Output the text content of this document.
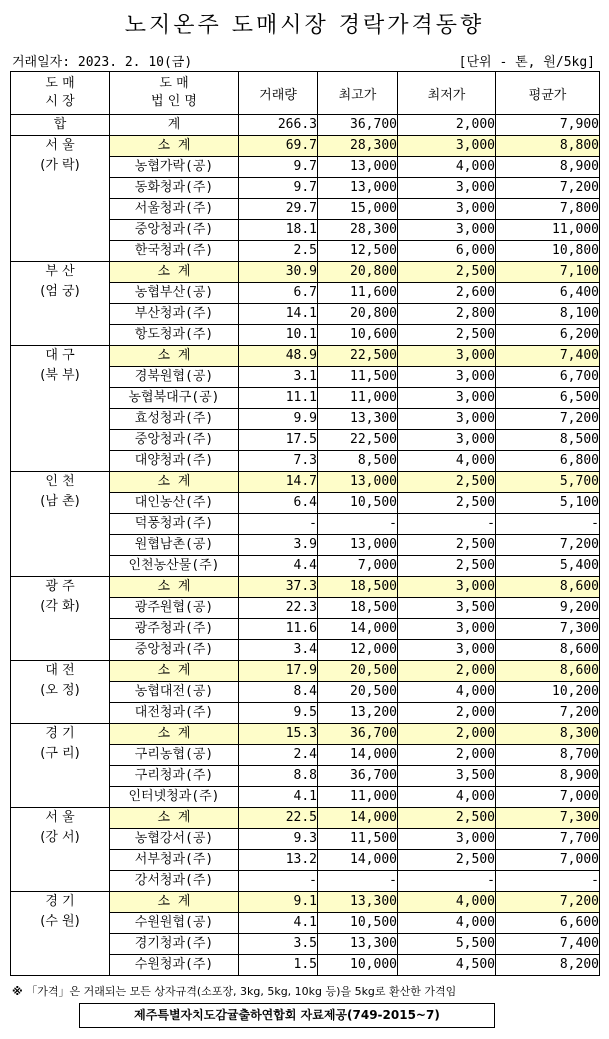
노지온주 도매시장 경락가격동향
거래일자: 2023. 2. 10(금)	[단위 - 톤, 원/5kg]
도 매
시 장	도 매
법 인 명	거래량	최고가	최저가	평균가
합	계	266.3	36,700	2,000	7,900

서 울
(가 락)	소 계	69.7	28,300	3,000	8,800
	농협가락(공)	9.7	13,000	4,000	8,900
	동화청과(주)	9.7	13,000	3,000	7,200
	서울청과(주)	29.7	15,000	3,000	7,800
	중앙청과(주)	18.1	28,300	3,000	11,000
	한국청과(주)	2.5	12,500	6,000	10,800

부 산
(엄 궁)	소 계	30.9	20,800	2,500	7,100
	농협부산(공)	6.7	11,600	2,600	6,400
	부산청과(주)	14.1	20,800	2,800	8,100
	항도청과(주)	10.1	10,600	2,500	6,200

대 구
(북 부)	소 계	48.9	22,500	3,000	7,400
	경북원협(공)	3.1	11,500	3,000	6,700
	농협북대구(공)	11.1	11,000	3,000	6,500
	효성청과(주)	9.9	13,300	3,000	7,200
	중앙청과(주)	17.5	22,500	3,000	8,500
	대양청과(주)	7.3	8,500	4,000	6,800

인 천
(남 촌)	소 계	14.7	13,000	2,500	5,700
	대인농산(주)	6.4	10,500	2,500	5,100
	덕풍청과(주)	-	-	-	-
	원협남촌(공)	3.9	13,000	2,500	7,200
	인천농산물(주)	4.4	7,000	2,500	5,400

광 주
(각 화)	소 계	37.3	18,500	3,000	8,600
	광주원협(공)	22.3	18,500	3,500	9,200
	광주청과(주)	11.6	14,000	3,000	7,300
	중앙청과(주)	3.4	12,000	3,000	8,600

대 전
(오 정)	소 계	17.9	20,500	2,000	8,600
	농협대전(공)	8.4	20,500	4,000	10,200
	대전청과(주)	9.5	13,200	2,000	7,200

경 기
(구 리)	소 계	15.3	36,700	2,000	8,300
	구리농협(공)	2.4	14,000	2,000	8,700
	구리청과(주)	8.8	36,700	3,500	8,900
	인터넷청과(주)	4.1	11,000	4,000	7,000

서 울
(강 서)	소 계	22.5	14,000	2,500	7,300
	농협강서(공)	9.3	11,500	3,000	7,700
	서부청과(주)	13.2	14,000	2,500	7,000
	강서청과(주)	-	-	-	-

경 기
(수 원)	소 계	9.1	13,300	4,000	7,200
	수원원협(공)	4.1	10,500	4,000	6,600
	경기청과(주)	3.5	13,300	5,500	7,400
	수원청과(주)	1.5	10,000	4,500	8,200
※ 「가격」은 거래되는 모든 상자규격(소포장, 3kg, 5kg, 10kg 등)을 5kg로 환산한 가격임
제주특별자치도감귤출하연합회 자료제공(749-2015~7)
